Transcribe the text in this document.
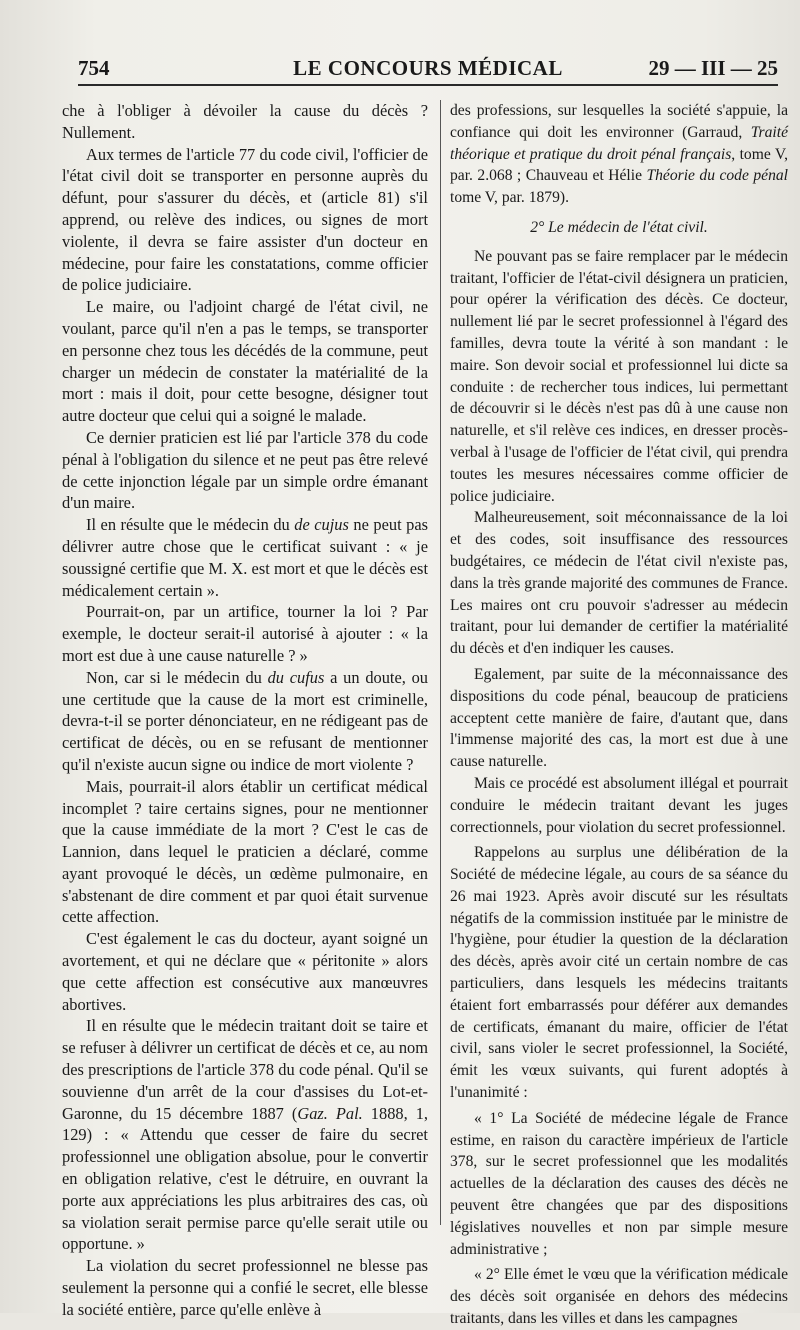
754	LE CONCOURS MÉDICAL	29 — III — 25

che à l'obliger à dévoiler la cause du décès ? Nullement.

Aux termes de l'article 77 du code civil, l'officier de l'état civil doit se transporter en personne auprès du défunt, pour s'assurer du décès, et (article 81) s'il apprend, ou relève des indices, ou signes de mort violente, il devra se faire assister d'un docteur en médecine, pour faire les constatations, comme officier de police judiciaire.

Le maire, ou l'adjoint chargé de l'état civil, ne voulant, parce qu'il n'en a pas le temps, se transporter en personne chez tous les décédés de la commune, peut charger un médecin de constater la matérialité de la mort : mais il doit, pour cette besogne, désigner tout autre docteur que celui qui a soigné le malade.

Ce dernier praticien est lié par l'article 378 du code pénal à l'obligation du silence et ne peut pas être relevé de cette injonction légale par un simple ordre émanant d'un maire.

Il en résulte que le médecin du de cujus ne peut pas délivrer autre chose que le certificat suivant : « je soussigné certifie que M. X. est mort et que le décès est médicalement certain ».

Pourrait-on, par un artifice, tourner la loi ? Par exemple, le docteur serait-il autorisé à ajouter : « la mort est due à une cause naturelle ? »

Non, car si le médecin du du cufus a un doute, ou une certitude que la cause de la mort est criminelle, devra-t-il se porter dénonciateur, en ne rédigeant pas de certificat de décès, ou en se refusant de mentionner qu'il n'existe aucun signe ou indice de mort violente ?

Mais, pourrait-il alors établir un certificat médical incomplet ? taire certains signes, pour ne mentionner que la cause immédiate de la mort ? C'est le cas de Lannion, dans lequel le praticien a déclaré, comme ayant provoqué le décès, un œdème pulmonaire, en s'abstenant de dire comment et par quoi était survenue cette affection.

C'est également le cas du docteur, ayant soigné un avortement, et qui ne déclare que « péritonite » alors que cette affection est consécutive aux manœuvres abortives.

Il en résulte que le médecin traitant doit se taire et se refuser à délivrer un certificat de décès et ce, au nom des prescriptions de l'article 378 du code pénal. Qu'il se souvienne d'un arrêt de la cour d'assises du Lot-et-Garonne, du 15 décembre 1887 (Gaz. Pal. 1888, 1, 129) : « Attendu que cesser de faire du secret professionnel une obligation absolue, pour le convertir en obligation relative, c'est le détruire, en ouvrant la porte aux appréciations les plus arbitraires des cas, où sa violation serait permise parce qu'elle serait utile ou opportune. »

La violation du secret professionnel ne blesse pas seulement la personne qui a confié le secret, elle blesse la société entière, parce qu'elle enlève à

des professions, sur lesquelles la société s'appuie, la confiance qui doit les environner (Garraud, Traité théorique et pratique du droit pénal français, tome V, par. 2.068 ; Chauveau et Hélie Théorie du code pénal tome V, par. 1879).

2° Le médecin de l'état civil.

Ne pouvant pas se faire remplacer par le médecin traitant, l'officier de l'état-civil désignera un praticien, pour opérer la vérification des décès. Ce docteur, nullement lié par le secret professionnel à l'égard des familles, devra toute la vérité à son mandant : le maire. Son devoir social et professionnel lui dicte sa conduite : de rechercher tous indices, lui permettant de découvrir si le décès n'est pas dû à une cause non naturelle, et s'il relève ces indices, en dresser procès-verbal à l'usage de l'officier de l'état civil, qui prendra toutes les mesures nécessaires comme officier de police judiciaire.

Malheureusement, soit méconnaissance de la loi et des codes, soit insuffisance des ressources budgétaires, ce médecin de l'état civil n'existe pas, dans la très grande majorité des communes de France. Les maires ont cru pouvoir s'adresser au médecin traitant, pour lui demander de certifier la matérialité du décès et d'en indiquer les causes.

Egalement, par suite de la méconnaissance des dispositions du code pénal, beaucoup de praticiens acceptent cette manière de faire, d'autant que, dans l'immense majorité des cas, la mort est due à une cause naturelle.

Mais ce procédé est absolument illégal et pourrait conduire le médecin traitant devant les juges correctionnels, pour violation du secret professionnel.

Rappelons au surplus une délibération de la Société de médecine légale, au cours de sa séance du 26 mai 1923. Après avoir discuté sur les résultats négatifs de la commission instituée par le ministre de l'hygiène, pour étudier la question de la déclaration des décès, après avoir cité un certain nombre de cas particuliers, dans lesquels les médecins traitants étaient fort embarrassés pour déférer aux demandes de certificats, émanant du maire, officier de l'état civil, sans violer le secret professionnel, la Société, émit les vœux suivants, qui furent adoptés à l'unanimité :

« 1° La Société de médecine légale de France estime, en raison du caractère impérieux de l'article 378, sur le secret professionnel que les modalités actuelles de la déclaration des causes des décès ne peuvent être changées que par des dispositions législatives nouvelles et non par simple mesure administrative ;

« 2° Elle émet le vœu que la vérification médicale des décès soit organisée en dehors des médecins traitants, dans les villes et dans les campagnes
